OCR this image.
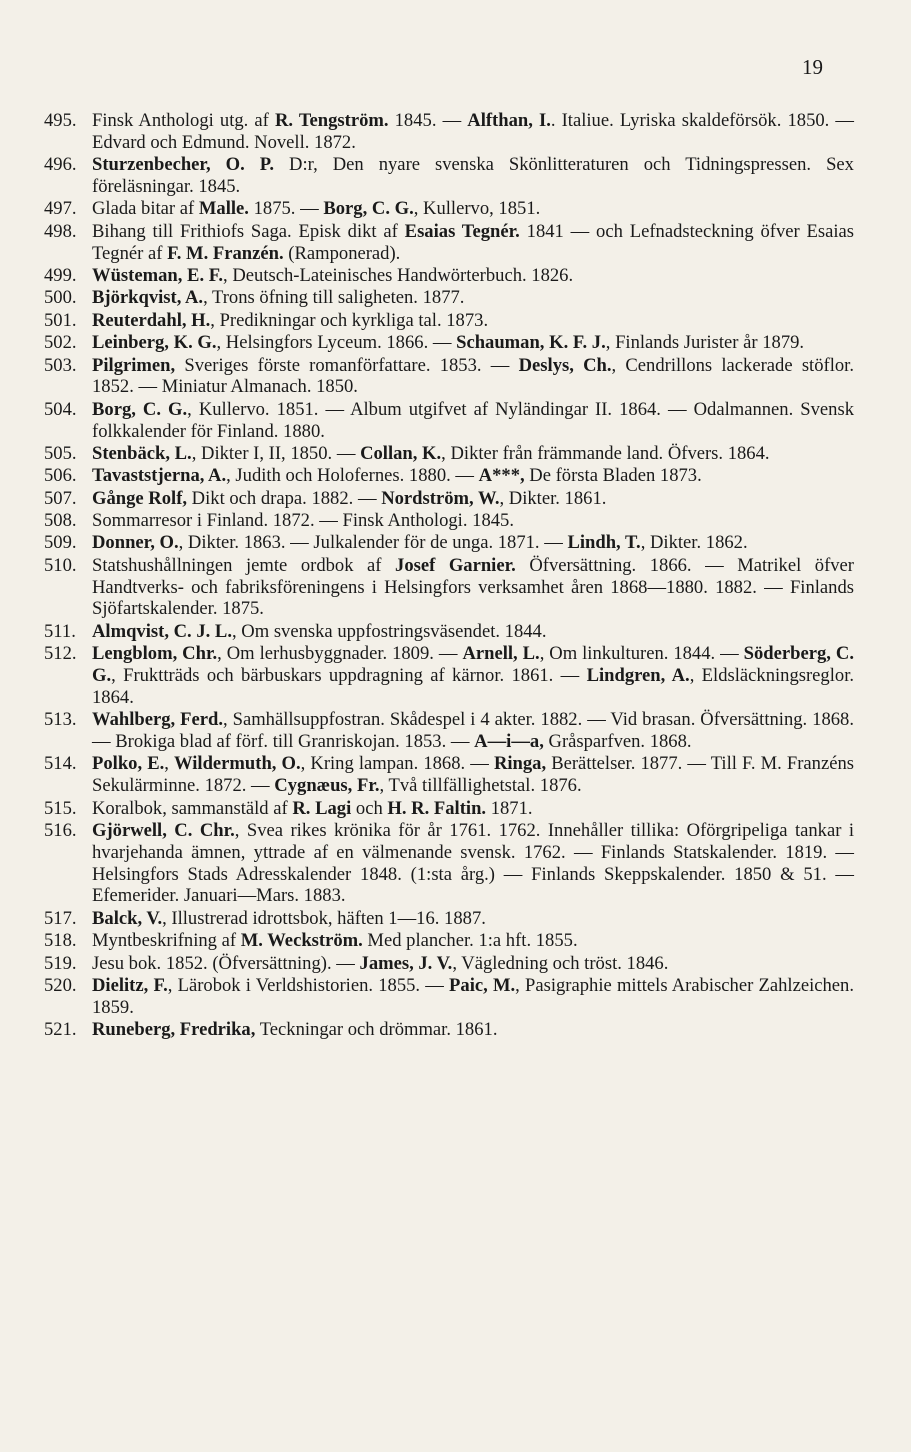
19
495. Finsk Anthologi utg. af R. Tengström. 1845. — Alfthan, I.. Italiue. Lyriska skaldeförsök. 1850. — Edvard och Edmund. Novell. 1872.
496. Sturzenbecher, O. P. D:r, Den nyare svenska Skönlitteraturen och Tidningspressen. Sex föreläsningar. 1845.
497. Glada bitar af Malle. 1875. — Borg, C. G., Kullervo, 1851.
498. Bihang till Frithiofs Saga. Episk dikt af Esaias Tegnér. 1841 — och Lefnadsteckning öfver Esaias Tegnér af F. M. Franzén. (Ramponerad).
499. Wüsteman, E. F., Deutsch-Lateinisches Handwörterbuch. 1826.
500. Björkqvist, A., Trons öfning till saligheten. 1877.
501. Reuterdahl, H., Predikningar och kyrkliga tal. 1873.
502. Leinberg, K. G., Helsingfors Lyceum. 1866. — Schauman, K. F. J., Finlands Jurister år 1879.
503. Pilgrimen, Sveriges förste romanförfattare. 1853. — Deslys, Ch., Cendrillons lackerade stöflor. 1852. — Miniatur Almanach. 1850.
504. Borg, C. G., Kullervo. 1851. — Album utgifvet af Nyländingar II. 1864. — Odalmannen. Svensk folkkalender för Finland. 1880.
505. Stenbäck, L., Dikter I, II, 1850. — Collan, K., Dikter från främmande land. Öfvers. 1864.
506. Tavaststjerna, A., Judith och Holofernes. 1880. — A***, De första Bladen 1873.
507. Gånge Rolf, Dikt och drapa. 1882. — Nordström, W., Dikter. 1861.
508. Sommarresor i Finland. 1872. — Finsk Anthologi. 1845.
509. Donner, O., Dikter. 1863. — Julkalender för de unga. 1871. — Lindh, T., Dikter. 1862.
510. Statshushållningen jemte ordbok af Josef Garnier. Öfversättning. 1866. — Matrikel öfver Handtverks- och fabriksföreningens i Helsingfors verksamhet åren 1868—1880. 1882. — Finlands Sjöfartskalender. 1875.
511. Almqvist, C. J. L., Om svenska uppfostringsväsendet. 1844.
512. Lengblom, Chr., Om lerhusbyggnader. 1809. — Arnell, L., Om linkulturen. 1844. — Söderberg, C. G., Fruktträds och bärbuskars uppdragning af kärnor. 1861. — Lindgren, A., Eldsläckningsreglor. 1864.
513. Wahlberg, Ferd., Samhällsuppfostran. Skådespel i 4 akter. 1882. — Vid brasan. Öfversättning. 1868. — Brokiga blad af förf. till Granriskojan. 1853. — A—i—a, Gråsparfven. 1868.
514. Polko, E., Wildermuth, O., Kring lampan. 1868. — Ringa, Berättelser. 1877. — Till F. M. Franzéns Sekulärminne. 1872. — Cygnæus, Fr., Två tillfällighetstal. 1876.
515. Koralbok, sammanstäld af R. Lagi och H. R. Faltin. 1871.
516. Gjörwell, C. Chr., Svea rikes krönika för år 1761. 1762. Innehåller tillika: Oförgripeliga tankar i hvarjehanda ämnen, yttrade af en välmenande svensk. 1762. — Finlands Statskalender. 1819. — Helsingfors Stads Adresskalender 1848. (1:sta årg.) — Finlands Skeppskalender. 1850 & 51. — Efemerider. Januari—Mars. 1883.
517. Balck, V., Illustrerad idrottsbok, häften 1—16. 1887.
518. Myntbeskrifning af M. Weckström. Med plancher. 1:a hft. 1855.
519. Jesu bok. 1852. (Öfversättning). — James, J. V., Vägledning och tröst. 1846.
520. Dielitz, F., Lärobok i Verldshistorien. 1855. — Paic, M., Pasigraphie mittels Arabischer Zahlzeichen. 1859.
521. Runeberg, Fredrika, Teckningar och drömmar. 1861.
